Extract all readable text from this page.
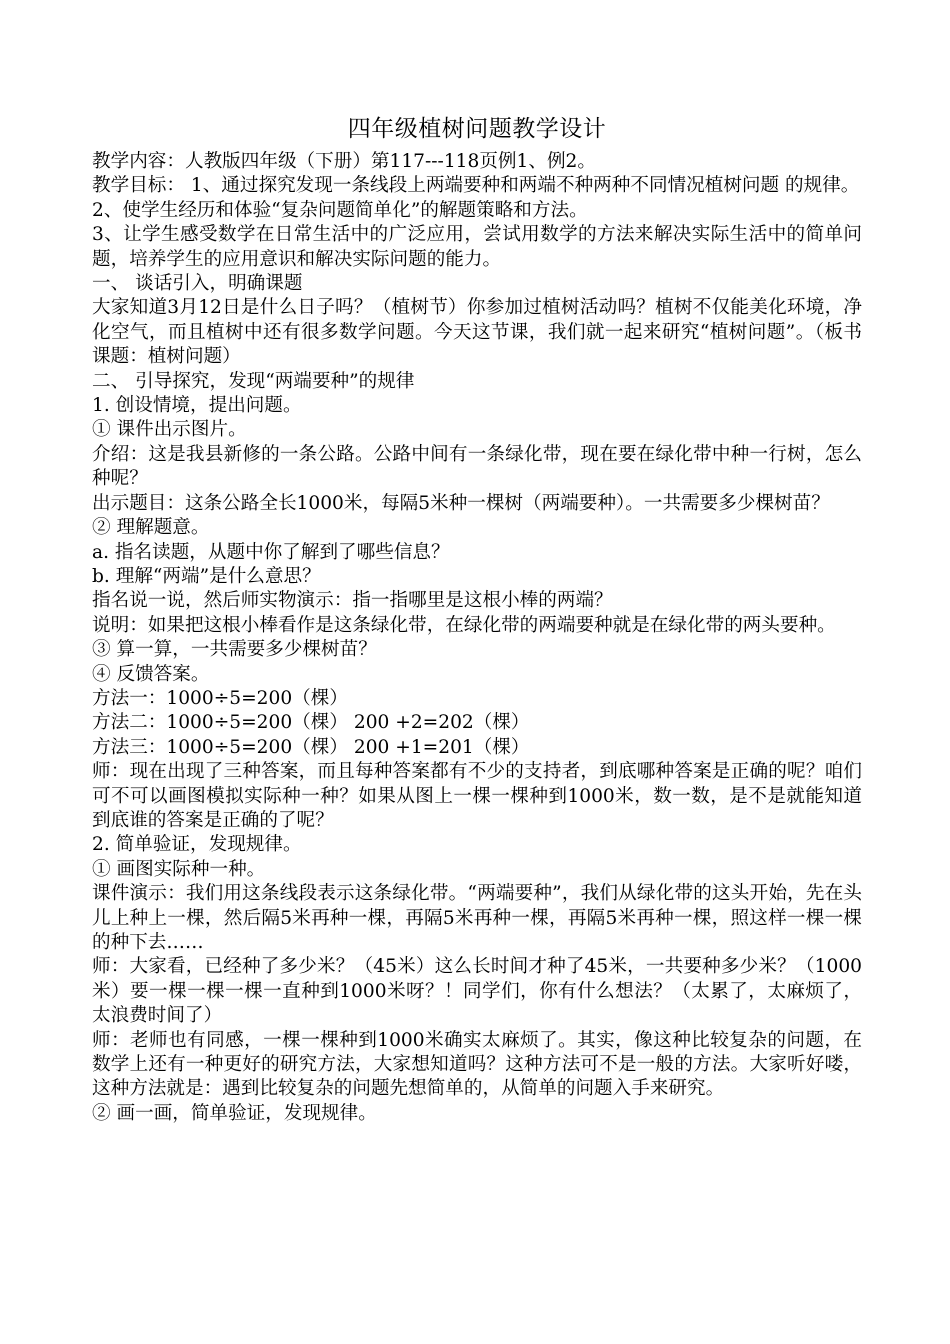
四年级植树问题教学设计

教学内容：人教版四年级（下册）第117---118页例1、例2。

教学目标： 1、通过探究发现一条线段上两端要种和两端不种两种不同情况植树问题 的规律。

2、使学生经历和体验“复杂问题简单化”的解题策略和方法。

3、让学生感受数学在日常生活中的广泛应用，尝试用数学的方法来解决实际生活中的简单问题，培养学生的应用意识和解决实际问题的能力。

一、 谈话引入，明确课题

大家知道3月12日是什么日子吗？（植树节）你参加过植树活动吗？植树不仅能美化环境，净化空气，而且植树中还有很多数学问题。今天这节课，我们就一起来研究“植树问题”。（板书课题：植树问题）

二、 引导探究，发现“两端要种”的规律

1. 创设情境，提出问题。

① 课件出示图片。

介绍：这是我县新修的一条公路。公路中间有一条绿化带，现在要在绿化带中种一行树，怎么种呢？

出示题目：这条公路全长1000米，每隔5米种一棵树（两端要种）。一共需要多少棵树苗？

② 理解题意。

a. 指名读题，从题中你了解到了哪些信息？

b. 理解“两端”是什么意思？

指名说一说，然后师实物演示：指一指哪里是这根小棒的两端？

说明：如果把这根小棒看作是这条绿化带，在绿化带的两端要种就是在绿化带的两头要种。

③ 算一算，一共需要多少棵树苗？

④ 反馈答案。

方法一：1000÷5=200（棵）

方法二：1000÷5=200（棵） 200 +2=202（棵）

方法三：1000÷5=200（棵） 200 +1=201（棵）

师：现在出现了三种答案，而且每种答案都有不少的支持者，到底哪种答案是正确的呢？咱们可不可以画图模拟实际种一种？如果从图上一棵一棵种到1000米，数一数，是不是就能知道到底谁的答案是正确的了呢？

2. 简单验证，发现规律。

① 画图实际种一种。

课件演示：我们用这条线段表示这条绿化带。“两端要种”，我们从绿化带的这头开始，先在头儿上种上一棵，然后隔5米再种一棵，再隔5米再种一棵，再隔5米再种一棵，照这样一棵一棵的种下去……

师：大家看，已经种了多少米？（45米）这么长时间才种了45米，一共要种多少米？（1000米）要一棵一棵一棵一直种到1000米呀？！同学们，你有什么想法？（太累了，太麻烦了，太浪费时间了）

师：老师也有同感，一棵一棵种到1000米确实太麻烦了。其实，像这种比较复杂的问题，在数学上还有一种更好的研究方法，大家想知道吗？这种方法可不是一般的方法。大家听好喽，这种方法就是：遇到比较复杂的问题先想简单的，从简单的问题入手来研究。

② 画一画，简单验证，发现规律。
